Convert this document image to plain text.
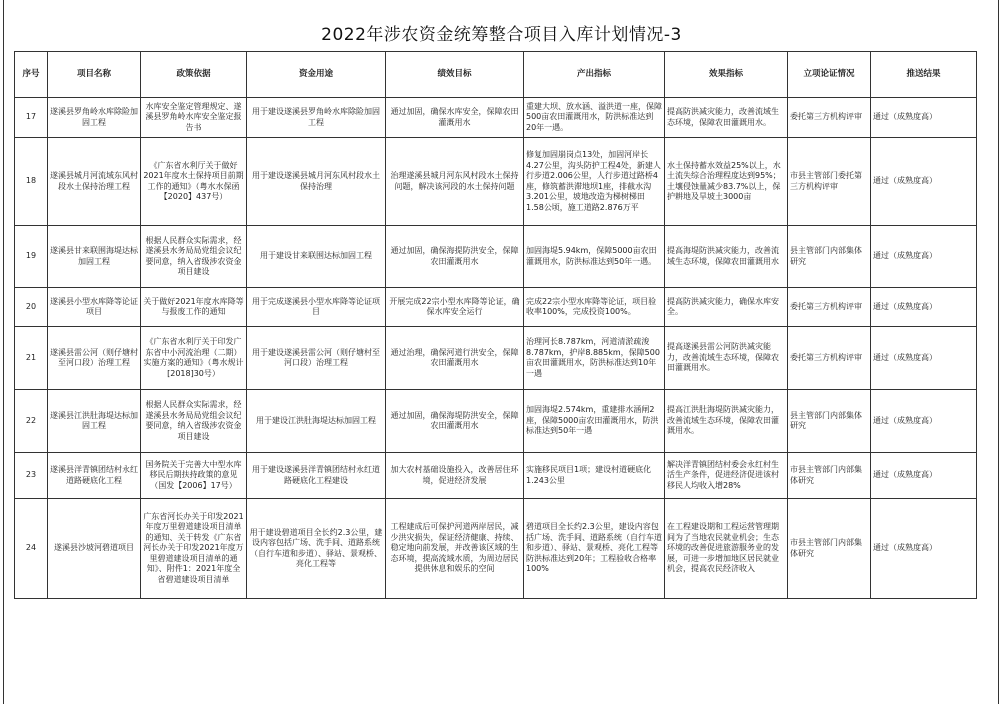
2022年涉农资金统筹整合项目入库计划情况-3
序号	项目名称	政策依据	资金用途	绩效目标	产出指标	效果指标	立项论证情况	推送结果

17	遂溪县罗角岭水库除险加固工程	水库安全鉴定管理规定、遂溪县罗角岭水库安全鉴定报告书	用于建设遂溪县罗角岭水库除险加固工程	通过加固，确保水库安全，保障农田灌溉用水	重建大坝、放水涵、溢洪道一座，保障500亩农田灌溉用水，防洪标准达到20年一遇。	提高防洪减灾能力，改善流域生态环境，保障农田灌溉用水。	委托第三方机构评审	通过（成熟度高）

18	遂溪县城月河流域东风村段水土保持治理工程	《广东省水利厅关于做好2021年度水土保持项目前期工作的通知》（粤水水保函【2020】437号）	用于建设遂溪县城月河东风村段水土保持治理	治理遂溪县城月河东风村段水土保持问题，解决该河段的水土保持问题	修复加固崩岗点13处，加固河岸长4.27公里，沟头防护工程4处，新建人行步道2.006公里，人行步道过路桥4座，修筑蓄洪滞地坝1座，排截水沟3.201公里，坡地改造为梯树梯田1.58公顷，施工道路2.876万平	水土保持蓄水效益25%以上，水土流失综合治理程度达到95%；土壤侵蚀量减少83.7%以上，保护耕地及旱坡土3000亩	市县主管部门委托第三方机构评审	通过（成熟度高）

19	遂溪县甘来联围海堤达标加固工程	根据人民群众实际需求，经遂溪县水务局局党组会议纪要同意，纳入省级涉农资金项目建设	用于建设甘来联围达标加固工程	通过加固，确保海提防洪安全，保障农田灌溉用水	加固海堤5.94km，保障5000亩农田灌溉用水，防洪标准达到50年一遇。	提高海堤防洪减灾能力，改善流域生态环境，保障农田灌溉用水	县主管部门内部集体研究	通过（成熟度高）

20	遂溪县小型水库降等论证项目	关于做好2021年度水库降等与报废工作的通知	用于完成遂溪县小型水库降等论证项目	开展完成22宗小型水库降等论证，确保水库安全运行	完成22宗小型水库降等论证，项目验收率100%，完成投资100%。	提高防洪减灾能力，确保水库安全。	委托第三方机构评审	通过（成熟度高）

21	遂溪县雷公河（则仔塘村至河口段）治理工程	《广东省水利厅关于印发广东省中小河流治理（二期）实施方案的通知》（粤水规计[2018]30号）	用于建设遂溪县雷公河（则仔塘村至河口段）治理工程	通过治理，确保河道行洪安全，保障农田灌溉用水	治理河长8.787km，河道清淤疏浚8.787km，护岸8.885km，保障500亩农田灌溉用水，防洪标准达到10年一遇	提高遂溪县雷公河防洪减灾能力，改善流域生态环境，保障农田灌溉用水。	委托第三方机构评审	通过（成熟度高）

22	遂溪县江洪肚海堤达标加固工程	根据人民群众实际需求，经遂溪县水务局局党组会议纪要同意，纳入省级涉农资金项目建设	用于建设江洪肚海堤达标加固工程	通过加固，确保海堤防洪安全，保障农田灌溉用水	加固海堤2.574km，重建排水涵闸2座，保障5000亩农田灌溉用水，防洪标准达到50年一遇	提高江洪肚海堤防洪减灾能力，改善流域生态环境，保障农田灌溉用水。	县主管部门内部集体研究	通过（成熟度高）

23	遂溪县洋青镇团结村永红道路硬底化工程	国务院关于完善大中型水库移民后期扶持政策的意见（国发【2006】17号）	用于建设遂溪县洋青镇团结村永红道路硬底化工程建设	加大农村基础设施投入，改善居住环境，促进经济发展	实施移民项目1项；建设村道硬底化1.243公里	解决洋青镇团结村委会永红村生活生产条件，促进经济促进该村移民人均收入增28%	市县主管部门内部集体研究	通过（成熟度高）

24	遂溪县沙坡河碧道项目	广东省河长办关于印发2021年度万里碧道建设项目清单的通知、关于转发《广东省河长办关于印发2021年度万里碧道建设项目清单的通知》、附件1：2021年度全省碧道建设项目清单	用于建设碧道项目全长约2.3公里，建设内容包括广场、洗手间、道路系统（自行车道和步道）、驿站、景观桥、亮化工程等	工程建成后可保护河道两岸居民，减少洪灾损失，保证经济健康、持续、稳定地向前发展，并改善该区域的生态环境，提高流域水质，为周边居民提供休息和娱乐的空间	碧道项目全长约2.3公里，建设内容包括广场、洗手间、道路系统（自行车道和步道）、驿站、景观桥、亮化工程等防洪标准达到20年；工程验收合格率100%	在工程建设期和工程运营管理期间为了当地农民就业机会；生态环境的改善促进旅游服务业的发展，可进一步增加地区居民就业机会，提高农民经济收入	市县主管部门内部集体研究	通过（成熟度高）
